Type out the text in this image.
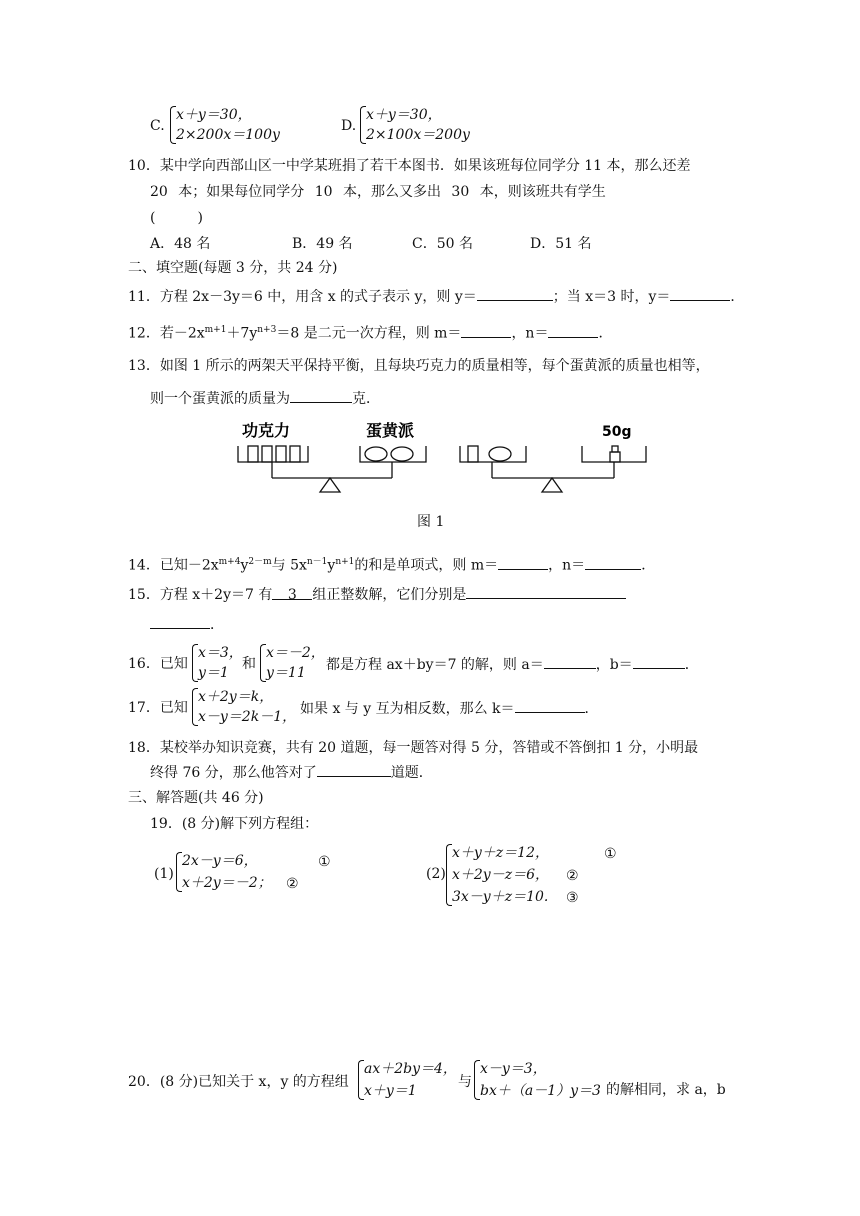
C.
x＋y＝30，
2×200x＝100y
D.
x＋y＝30，
2×100x＝200y
10．某中学向西部山区一中学某班捐了若干本图书．如果该班每位同学分 11 本，那么还差
20 本；如果每位同学分 10 本，那么又多出 30 本，则该班共有学生
(　　　)
A．48 名	B．49 名	C．50 名	D．51 名
二、填空题(每题 3 分，共 24 分)
11．方程 2x－3y＝6 中，用含 x 的式子表示 y，则 y＝	；当 x＝3 时，y＝	．
12．若$-2x^{m+1}+7y^{n+3}=8$ 是二元一次方程，则 m＝	，n＝	．
13．如图 1 所示的两架天平保持平衡，且每块巧克力的质量相等，每个蛋黄派的质量也相等，
则一个蛋黄派的质量为	克．
功克力	蛋黄派	50g
图 1
14．已知$-2x^{m+4}y^{2-m}$与 $5x^{n-1}y^{n+1}$的和是单项式，则 m＝	，n＝	．
15．方程 x＋2y＝7 有 3 组正整数解，它们分别是
．
16．已知
x＝3，
y＝1
和
x＝－2，
y＝11 都是方程 ax＋by＝7 的解，则 a＝	，b＝	．
17．已知
x＋2y＝k，
x－y＝2k－1， 如果 x 与 y 互为相反数，那么 k＝	．
18．某校举办知识竞赛，共有 20 道题，每一题答对得 5 分，答错或不答倒扣 1 分，小明最
终得 76 分，那么他答对了	道题．
三、解答题(共 46 分)
19．(8 分)解下列方程组：
(1)
2x－y＝6，
x＋2y＝－2；
①
②
(2)
x＋y＋z＝12，
x＋2y－z＝6，
3x－y＋z＝10.
①
②
③
20．(8 分)已知关于 x，y 的方程组
ax＋2by＝4，
x＋y＝1
与
x－y＝3，
bx＋（a－1）y＝3 的解相同，求 a，b
